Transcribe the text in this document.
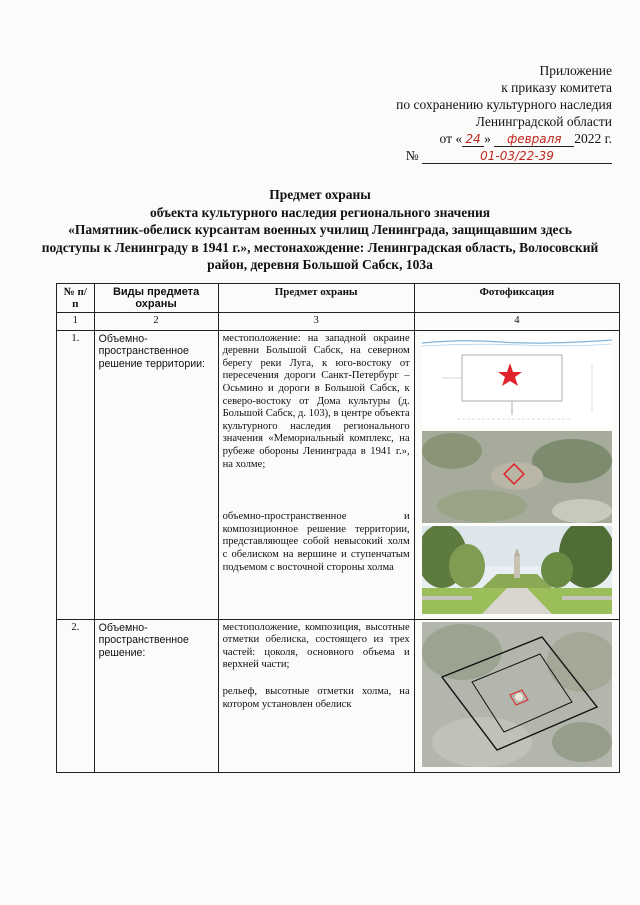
Приложение
к приказу комитета
по сохранению культурного наследия
Ленинградской области
от « 24 » февраля 2022 г.
№	01-03/22-39
Предмет охраны
объекта культурного наследия регионального значения
«Памятник-обелиск курсантам военных училищ Ленинграда, защищавшим здесь подступы к Ленинграду в 1941 г.», местонахождение: Ленинградская область, Волосовский район, деревня Большой Сабск, 103а
№ п/п	Виды предмета охраны	Предмет охраны	Фотофиксация
1	2	3	4
1.	Объемно-пространственное решение территории:	местоположение: на западной окраине деревни Большой Сабск, на северном берегу реки Луга, к юго-востоку от пересечения дороги Санкт-Петербург – Осьмино и дороги в Большой Сабск, к северо-востоку от Дома культуры (д. Большой Сабск, д. 103), в центре объекта культурного наследия регионального значения «Мемориальный комплекс, на рубеже обороны Ленинграда в 1941 г.», на холме;
объемно-пространственное и композиционное решение территории, представляющее собой невысокий холм с обелиском на вершине и ступенчатым подъемом с восточной стороны холма

2.	Объемно-пространственное решение:	местоположение, композиция, высотные отметки обелиска, состоящего из трех частей: цоколя, основного объема и верхней части;
рельеф, высотные отметки холма, на котором установлен обелиск
